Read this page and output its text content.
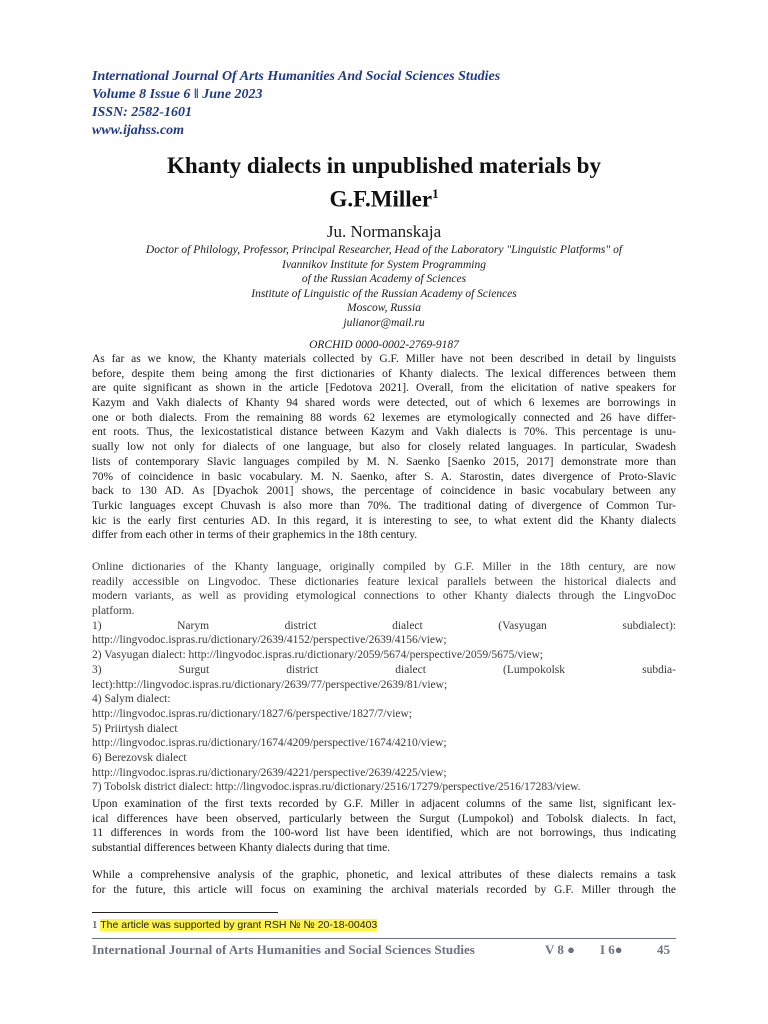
International Journal Of Arts Humanities And Social Sciences Studies
Volume 8 Issue 6 ǁ June 2023
ISSN: 2582-1601
www.ijahss.com
Khanty dialects in unpublished materials by
G.F.Miller$^1$
Ju. Normanskaja
Doctor of Philology, Professor, Principal Researcher, Head of the Laboratory "Linguistic Platforms" of
Ivannikov Institute for System Programming
of the Russian Academy of Sciences
Institute of Linguistic of the Russian Academy of Sciences
Moscow, Russia
julianor@mail.ru
ORCHID 0000-0002-2769-9187
As far as we know, the Khanty materials collected by G.F. Miller have not been described in detail by linguists
before, despite them being among the first dictionaries of Khanty dialects. The lexical differences between them
are quite significant as shown in the article [Fedotova 2021]. Overall, from the elicitation of native speakers for
Kazym and Vakh dialects of Khanty 94 shared words were detected, out of which 6 lexemes are borrowings in
one or both dialects. From the remaining 88 words 62 lexemes are etymologically connected and 26 have differ-
ent roots. Thus, the lexicostatistical distance between Kazym and Vakh dialects is 70%. This percentage is unu-
sually low not only for dialects of one language, but also for closely related languages. In particular, Swadesh
lists of contemporary Slavic languages compiled by M. N. Saenko [Saenko 2015, 2017] demonstrate more than
70% of coincidence in basic vocabulary. M. N. Saenko, after S. A. Starostin, dates divergence of Proto-Slavic
back to 130 AD. As [Dyachok 2001] shows, the percentage of coincidence in basic vocabulary between any
Turkic languages except Chuvash is also more than 70%. The traditional dating of divergence of Common Tur-
kic is the early first centuries AD. In this regard, it is interesting to see, to what extent did the Khanty dialects
differ from each other in terms of their graphemics in the 18th century.
Online dictionaries of the Khanty language, originally compiled by G.F. Miller in the 18th century, are now
readily accessible on Lingvodoc. These dictionaries feature lexical parallels between the historical dialects and
modern variants, as well as providing etymological connections to other Khanty dialects through the LingvoDoc
platform.
1) Narym district dialect (Vasyugan subdialect):
http://lingvodoc.ispras.ru/dictionary/2639/4152/perspective/2639/4156/view;
2) Vasyugan dialect: http://lingvodoc.ispras.ru/dictionary/2059/5674/perspective/2059/5675/view;
3) Surgut district dialect (Lumpokolsk subdia-
lect):http://lingvodoc.ispras.ru/dictionary/2639/77/perspective/2639/81/view;
4) Salym dialect:
http://lingvodoc.ispras.ru/dictionary/1827/6/perspective/1827/7/view;
5) Priirtysh dialect
http://lingvodoc.ispras.ru/dictionary/1674/4209/perspective/1674/4210/view;
6) Berezovsk dialect
http://lingvodoc.ispras.ru/dictionary/2639/4221/perspective/2639/4225/view;
7) Tobolsk district dialect: http://lingvodoc.ispras.ru/dictionary/2516/17279/perspective/2516/17283/view.
Upon examination of the first texts recorded by G.F. Miller in adjacent columns of the same list, significant lex-
ical differences have been observed, particularly between the Surgut (Lumpokol) and Tobolsk dialects. In fact,
11 differences in words from the 100-word list have been identified, which are not borrowings, thus indicating
substantial differences between Khanty dialects during that time.
While a comprehensive analysis of the graphic, phonetic, and lexical attributes of these dialects remains a task
for the future, this article will focus on examining the archival materials recorded by G.F. Miller through the
1 The article was supported by grant RSH № № 20-18-00403
International Journal of Arts Humanities and Social Sciences Studies	V 8 ● I 6●	45
